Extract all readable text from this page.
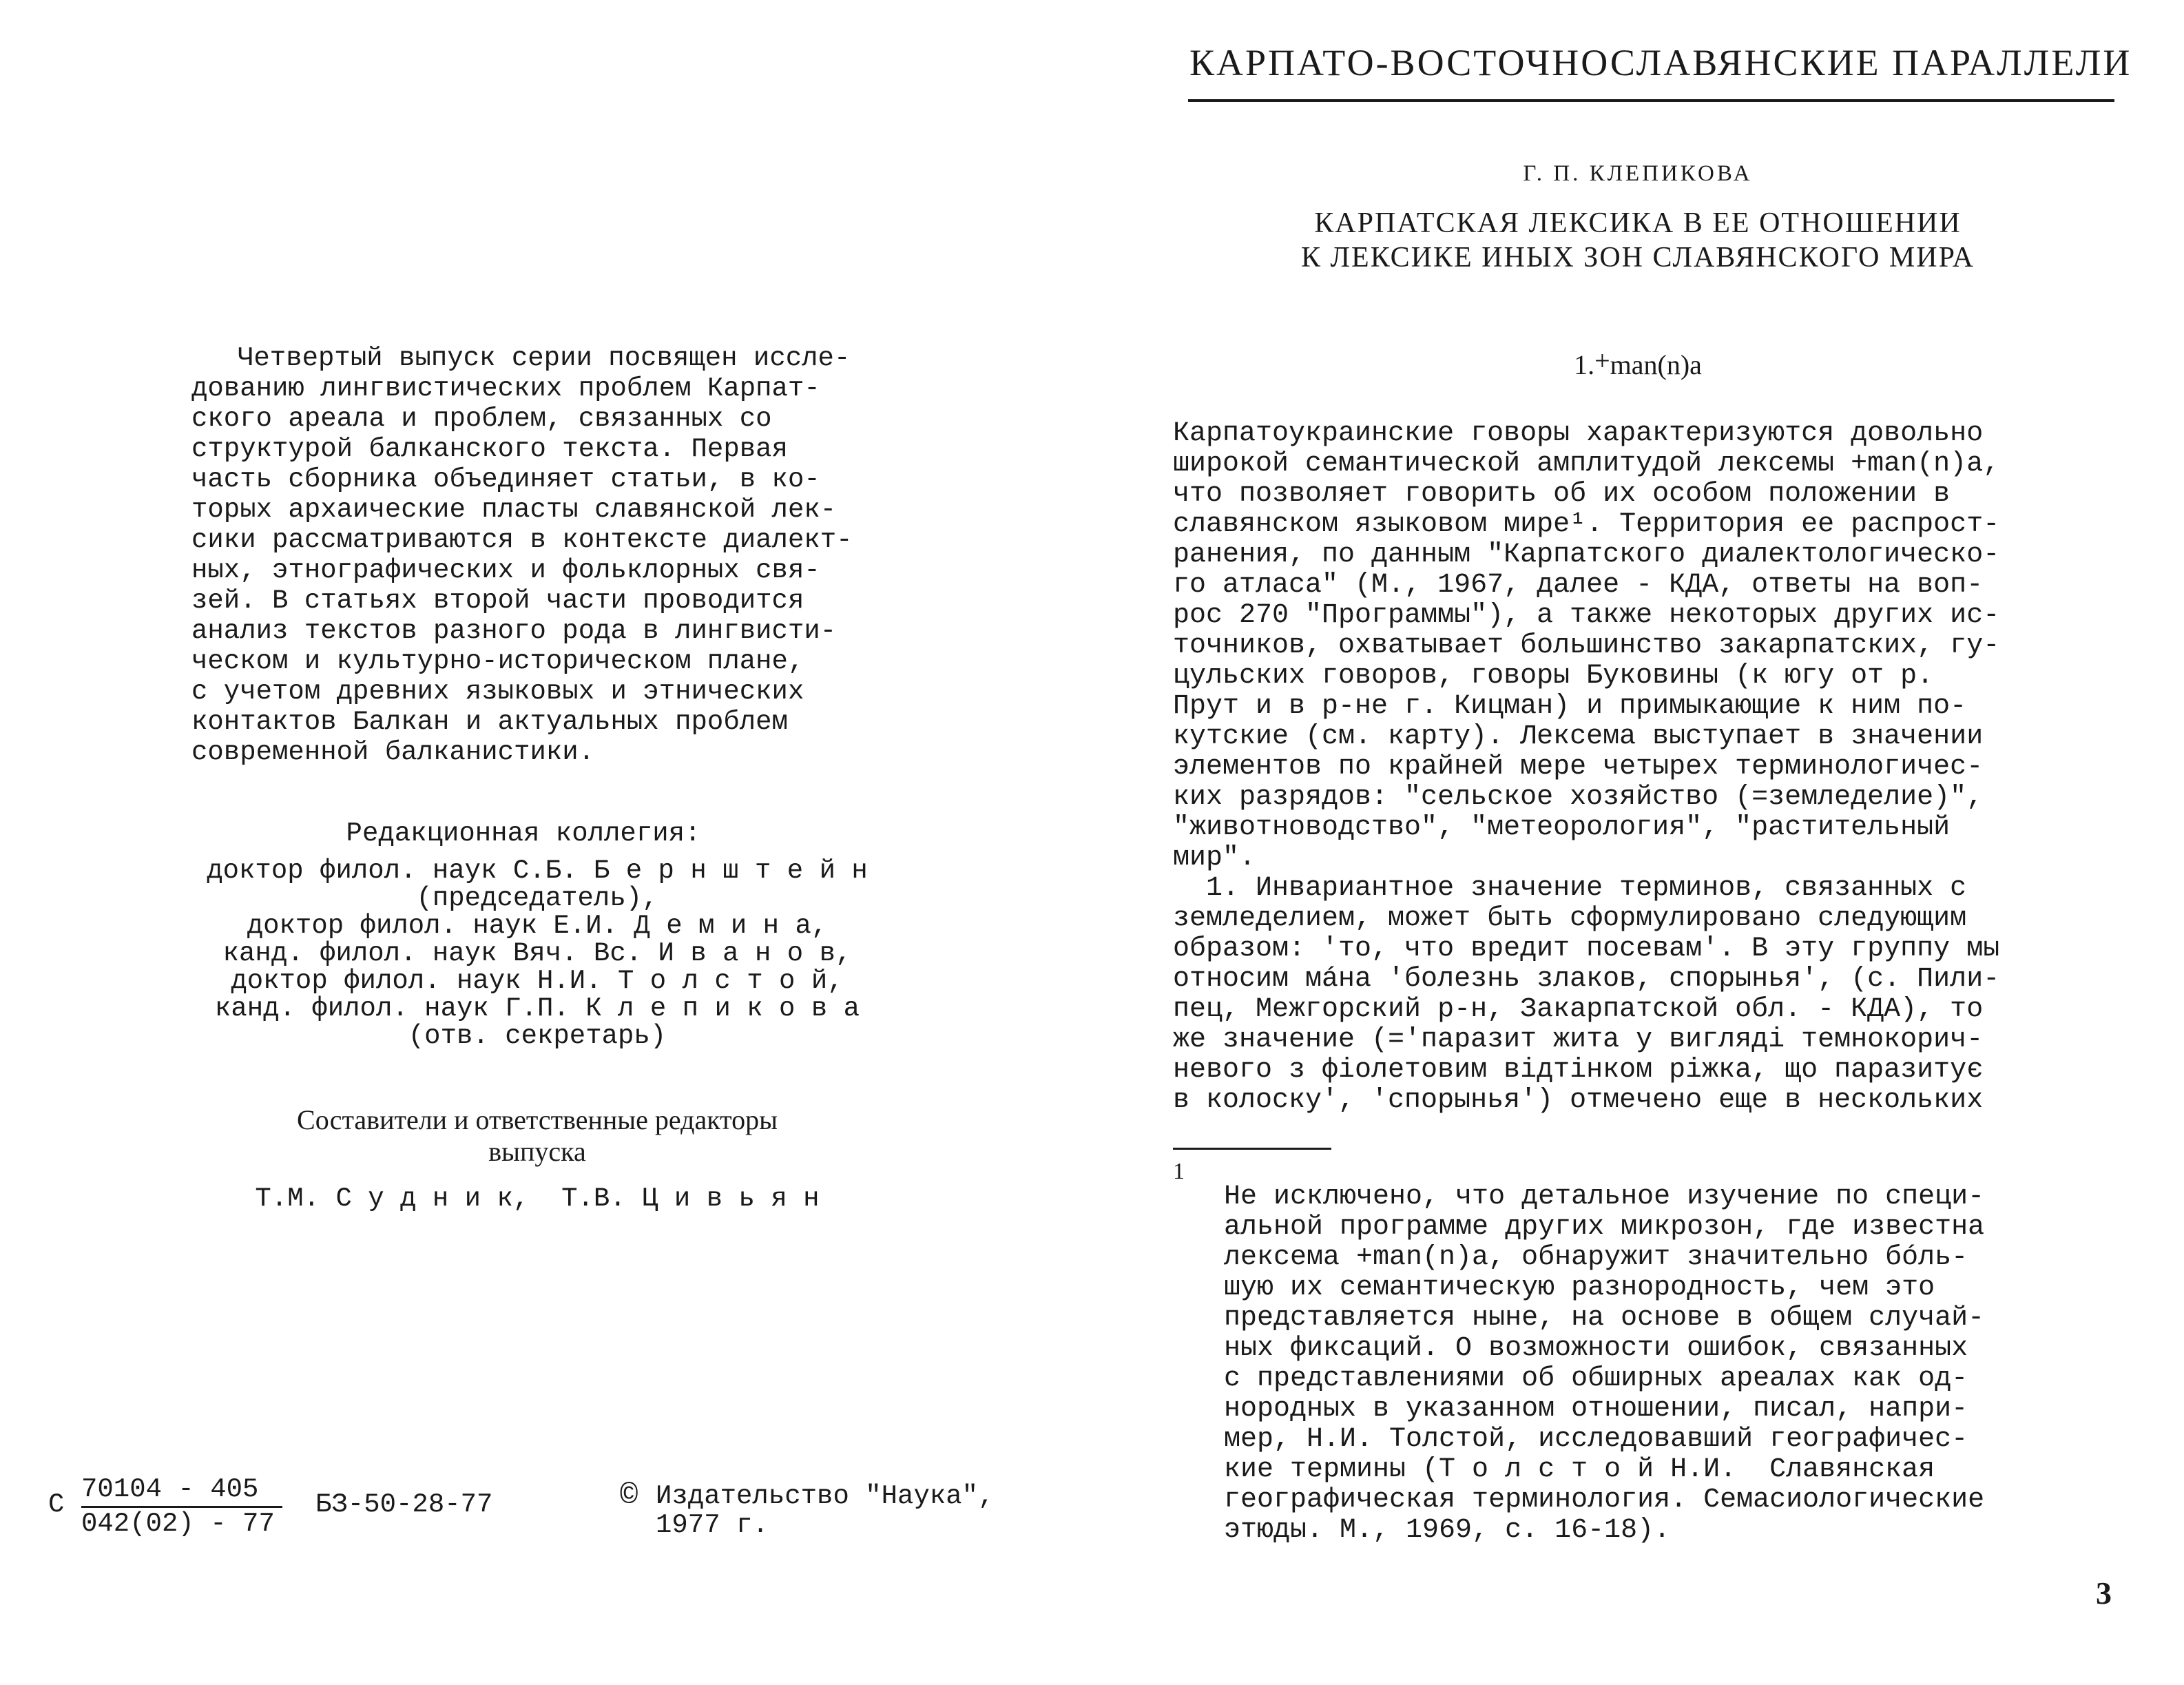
Четвертый выпуск серии посвящен иссле-
дованию лингвистических проблем Карпат-
ского ареала и проблем, связанных со
структурой балканского текста. Первая
часть сборника объединяет статьи, в ко-
торых архаические пласты славянской лек-
сики рассматриваются в контексте диалект-
ных, этнографических и фольклорных свя-
зей. В статьях второй части проводится
анализ текстов разного рода в лингвисти-
ческом и культурно-историческом плане,
с учетом древних языковых и этнических
контактов Балкан и актуальных проблем
современной балканистики.
Редакционная коллегия:
доктор филол. наук С.Б. Б е р н ш т е й н
(председатель),
доктор филол. наук Е.И. Д е м и н а,
канд. филол. наук Вяч. Вс. И в а н о в,
доктор филол. наук Н.И. Т о л с т о й,
канд. филол. наук Г.П. К л е п и к о в а
(отв. секретарь)
Составители и ответственные редакторы
выпуска
Т.М. С у д н и к,  Т.В. Ц и в ь я н
С 70104 - 405
042(02) - 77
БЗ-50-28-77	© Издательство "Наука",
1977 г.
КАРПАТО-ВОСТОЧНОСЛАВЯНСКИЕ ПАРАЛЛЕЛИ
Г. П. КЛЕПИКОВА
КАРПАТСКАЯ ЛЕКСИКА В ЕЕ ОТНОШЕНИИ
К ЛЕКСИКЕ ИНЫХ ЗОН СЛАВЯНСКОГО МИРА
1.+man(n)a
Карпатоукраинские говоры характеризуются довольно
широкой семантической амплитудой лексемы +man(n)a,
что позволяет говорить об их особом положении в
славянском языковом мире¹. Территория ее распрост-
ранения, по данным "Карпатского диалектологическо-
го атласа" (М., 1967, далее - КДА, ответы на воп-
рос 270 "Программы"), а также некоторых других ис-
точников, охватывает большинство закарпатских, гу-
цульских говоров, говоры Буковины (к югу от р.
Прут и в р-не г. Кицман) и примыкающие к ним по-
кутские (см. карту). Лексема выступает в значении
элементов по крайней мере четырех терминологичес-
ких разрядов: "сельское хозяйство (=земледелие)",
"животноводство", "метеорология", "растительный
мир".
1. Инвариантное значение терминов, связанных с
земледелием, может быть сформулировано следующим
образом: 'то, что вредит посевам'. В эту группу мы
относим мáнa 'болезнь злаков, спорынья', (с. Пили-
пец, Межгорский р-н, Закарпатской обл. - КДА), то
же значение (='паразит жита у вигляді темнокорич-
невого з фіолетовим відтінком ріжка, що паразитує
в колоску', 'спорынья') отмечено еще в нескольких
1
Не исключено, что детальное изучение по специ-
альной программе других микрозон, где известна
лексема +man(n)a, обнаружит значительно бóль-
шую их семантическую разнородность, чем это
представляется ныне, на основе в общем случай-
ных фиксаций. О возможности ошибок, связанных
с представлениями об обширных ареалах как од-
нородных в указанном отношении, писал, напри-
мер, Н.И. Толстой, исследовавший географичес-
кие термины (Т о л с т о й Н.И.  Славянская
географическая терминология. Семасиологические
этюды. М., 1969, с. 16-18).
3
